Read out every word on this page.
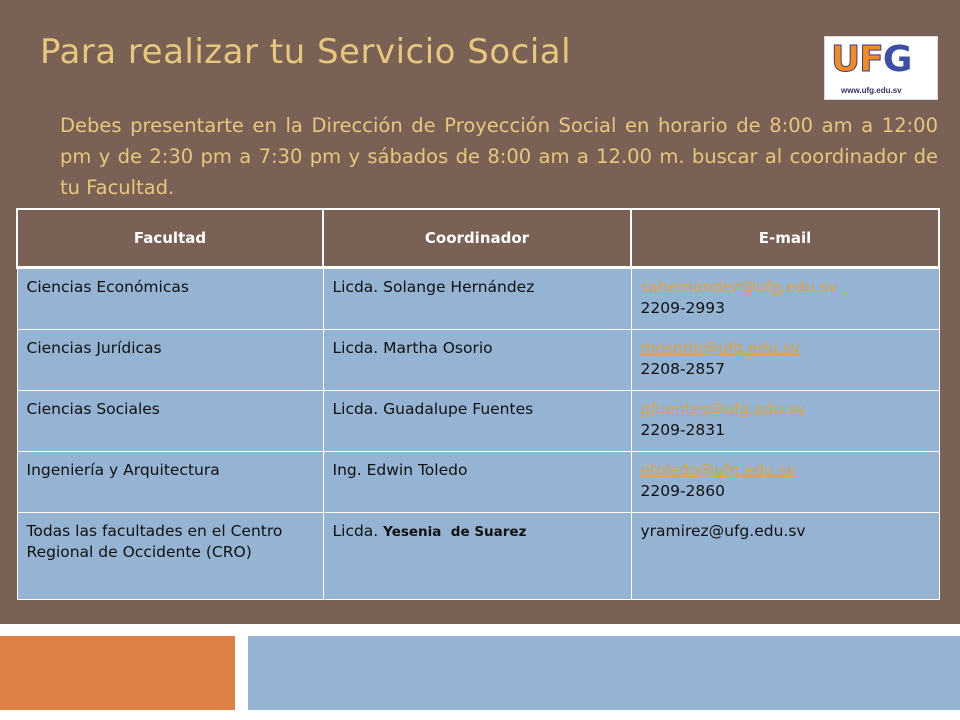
Para realizar tu Servicio Social	UFG
www.ufg.edu.sv
Debes presentarte en la Dirección de Proyección Social en horario de 8:00 am a 12:00 pm y de 2:30 pm a 7:30 pm y sábados de 8:00 am a 12.00 m. buscar al coordinador de tu Facultad.
Facultad	Coordinador	E-mail
Ciencias Económicas	Licda. Solange Hernández	sahernandez@ufg.edu.sv
2209-2993

Ciencias Jurídicas	Licda. Martha Osorio	mosorio@ufg.edu.sv
2208-2857

Ciencias Sociales	Licda. Guadalupe Fuentes	gfuentes@ufg.edu.sv
2209-2831

Ingeniería y Arquitectura	Ing. Edwin Toledo	etoledo@ufg.edu.sv
2209-2860

Todas las facultades en el Centro Regional de Occidente (CRO)	Licda. Yesenia  de Suarez	yramirez@ufg.edu.sv
